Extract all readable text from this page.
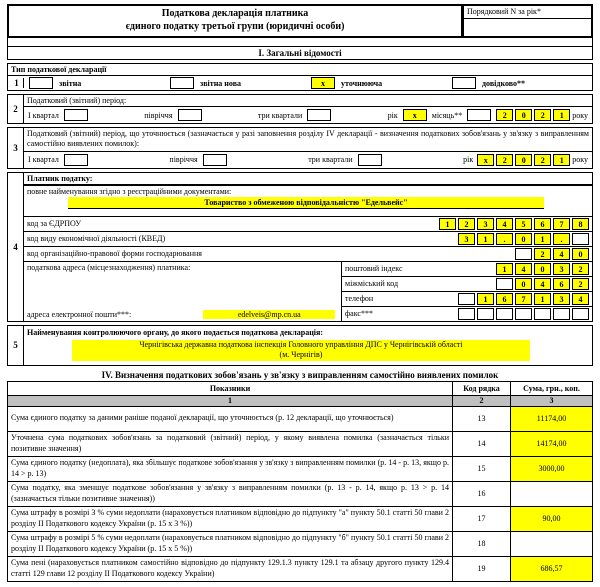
Податкова декларація платника
єдиного податку третьої групи (юридичні особи)
Порядковий N за рік*
І. Загальні відомості
Тип податкової декларації
1	звітна	звітна нова	х	уточнююча	довідково**
2
Податковий (звітний) період:
І квартал	півріччя	три квартали	рік	х	місяць**	2 0 2 1	року
3
Податковий (звітний) період, що уточнюється (зазначається у разі заповнення розділу IV декларації - визначення податкових зобов'язань у зв'язку з виправленням самостійно виявлених помилок):
І квартал	півріччя	три квартали	рік	х 2 0 2 1	року
4
Платник податку:
повне найменування згідно з реєстраційними документами:
Товариство з обмеженою відповідальністю "Едельвейс"
код за ЄДРПОУ	1 2 3 4 5 6 7 8
код виду економічної діяльності (КВЕД)	3 1 . 0 1 .
код організаційно-правової форми господарювання	2 4 0
податкова адреса (місцезнаходження) платника:
адреса електронної пошти***:	edelveis@mp.cn.ua
поштовий індекс	1 4 0 3 2
міжміський код	0 4 6 2
телефон	1 6 7 1 3 4
факс***
5
Найменування контролюючого органу, до якого подається податкова декларація:
Чернігівська державна податкова інспекція Головного управління ДПС у Чернігівській області
(м. Чернігів)
IV. Визначення податкових зобов'язань у зв'язку з виправленням самостійно виявлених помилок
Показники	Код рядка	Сума, грн., коп.
1	2	3
Сума єдиного податку за даними раніше поданої декларації, що уточнюється (р. 12 декларації, що уточнюється)	13	11174,00
Уточнена сума податкових зобов'язань за податковий (звітний) період, у якому виявлена помилка (зазначається тільки позитивне значення)	14	14174,00
Сума єдиного податку (недоплата), яка збільшує податкове зобов'язання у зв'язку з виправленням помилки (р. 14 - р. 13, якщо р. 14 > р. 13)	15	3000,00
Сума податку, яка зменшує податкове зобов'язання у зв'язку з виправленням помилки (р. 13 - р. 14, якщо р. 13 > р. 14 (зазначається тільки позитивне значення))	16	
Сума штрафу в розмірі 3 % суми недоплати (нараховується платником відповідно до підпункту "а" пункту 50.1 статті 50 глави 2 розділу II Податкового кодексу України (р. 15 х 3 %))	17	90,00
Сума штрафу в розмірі 5 % суми недоплати (нараховується платником відповідно до підпункту "б" пункту 50.1 статті 50 глави 2 розділу II Податкового кодексу України (р. 15 х 5 %))	18	
Сума пені (нараховується платником самостійно відповідно до підпункту 129.1.3 пункту 129.1 та абзацу другого пункту 129.4 статті 129 глави 12 розділу II Податкового кодексу України)	19	686,57
